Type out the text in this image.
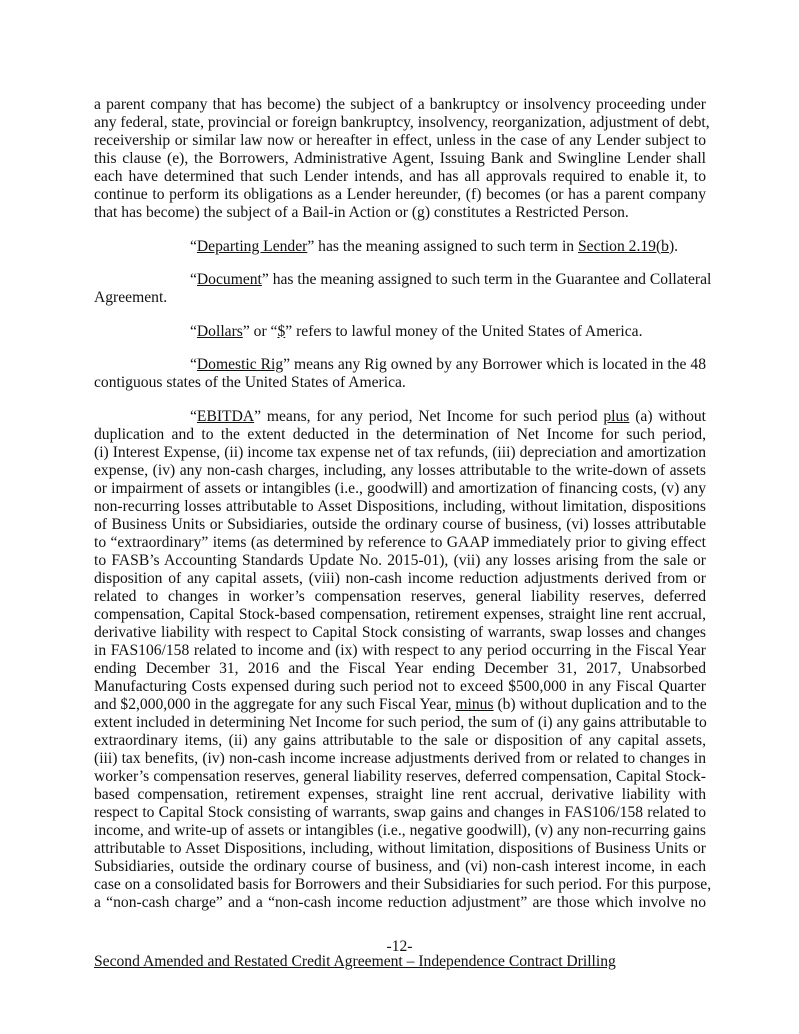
a parent company that has become) the subject of a bankruptcy or insolvency proceeding under
any federal, state, provincial or foreign bankruptcy, insolvency, reorganization, adjustment of debt,
receivership or similar law now or hereafter in effect, unless in the case of any Lender subject to
this clause (e), the Borrowers, Administrative Agent, Issuing Bank and Swingline Lender shall
each have determined that such Lender intends, and has all approvals required to enable it, to
continue to perform its obligations as a Lender hereunder, (f) becomes (or has a parent company
that has become) the subject of a Bail-in Action or (g) constitutes a Restricted Person.
“Departing Lender” has the meaning assigned to such term in Section 2.19(b).
“Document” has the meaning assigned to such term in the Guarantee and Collateral
Agreement.
“Dollars” or “$” refers to lawful money of the United States of America.
“Domestic Rig” means any Rig owned by any Borrower which is located in the 48
contiguous states of the United States of America.
“EBITDA” means, for any period, Net Income for such period plus (a) without
duplication and to the extent deducted in the determination of Net Income for such period,
(i) Interest Expense, (ii) income tax expense net of tax refunds, (iii) depreciation and amortization
expense, (iv) any non-cash charges, including, any losses attributable to the write-down of assets
or impairment of assets or intangibles (i.e., goodwill) and amortization of financing costs, (v) any
non-recurring losses attributable to Asset Dispositions, including, without limitation, dispositions
of Business Units or Subsidiaries, outside the ordinary course of business, (vi) losses attributable
to “extraordinary” items (as determined by reference to GAAP immediately prior to giving effect
to FASB’s Accounting Standards Update No. 2015-01), (vii) any losses arising from the sale or
disposition of any capital assets, (viii) non-cash income reduction adjustments derived from or
related to changes in worker’s compensation reserves, general liability reserves, deferred
compensation, Capital Stock-based compensation, retirement expenses, straight line rent accrual,
derivative liability with respect to Capital Stock consisting of warrants, swap losses and changes
in FAS106/158 related to income and (ix) with respect to any period occurring in the Fiscal Year
ending December 31, 2016 and the Fiscal Year ending December 31, 2017, Unabsorbed
Manufacturing Costs expensed during such period not to exceed $500,000 in any Fiscal Quarter
and $2,000,000 in the aggregate for any such Fiscal Year, minus (b) without duplication and to the
extent included in determining Net Income for such period, the sum of (i) any gains attributable to
extraordinary items, (ii) any gains attributable to the sale or disposition of any capital assets,
(iii) tax benefits, (iv) non-cash income increase adjustments derived from or related to changes in
worker’s compensation reserves, general liability reserves, deferred compensation, Capital Stock-
based compensation, retirement expenses, straight line rent accrual, derivative liability with
respect to Capital Stock consisting of warrants, swap gains and changes in FAS106/158 related to
income, and write-up of assets or intangibles (i.e., negative goodwill), (v) any non-recurring gains
attributable to Asset Dispositions, including, without limitation, dispositions of Business Units or
Subsidiaries, outside the ordinary course of business, and (vi) non-cash interest income, in each
case on a consolidated basis for Borrowers and their Subsidiaries for such period. For this purpose,
a “non-cash charge” and a “non-cash income reduction adjustment” are those which involve no
-12-
Second Amended and Restated Credit Agreement – Independence Contract Drilling
